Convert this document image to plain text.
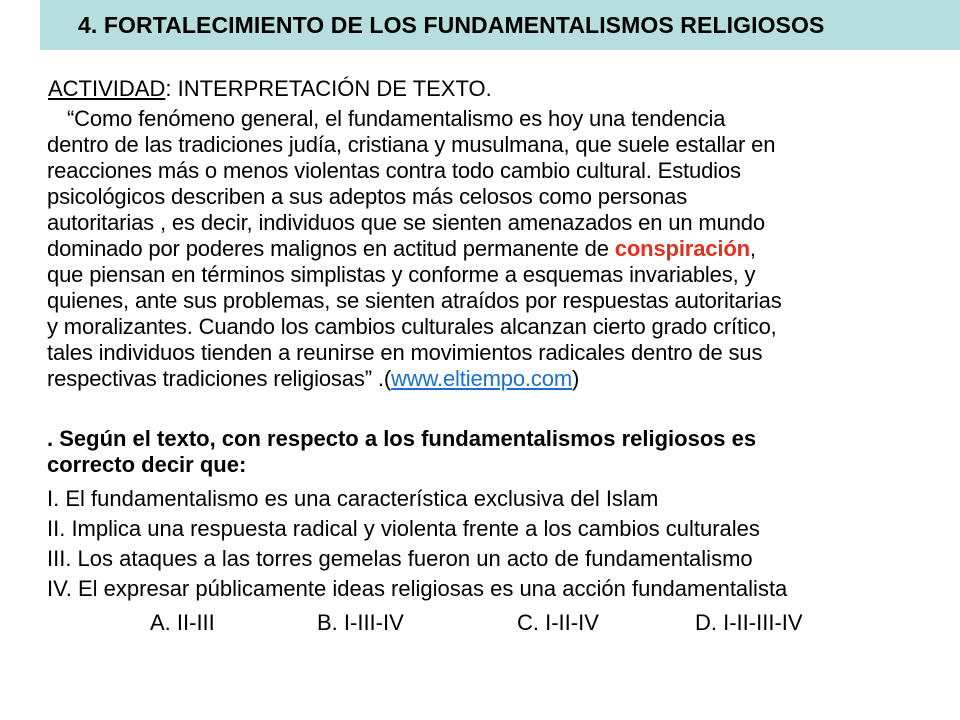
4. FORTALECIMIENTO DE LOS FUNDAMENTALISMOS RELIGIOSOS
ACTIVIDAD: INTERPRETACIÓN DE TEXTO.
“Como fenómeno general, el fundamentalismo es hoy una tendencia
dentro de las tradiciones judía, cristiana y musulmana, que suele estallar en
reacciones más o menos violentas contra todo cambio cultural. Estudios
psicológicos describen a sus adeptos más celosos como personas
autoritarias , es decir, individuos que se sienten amenazados en un mundo
dominado por poderes malignos en actitud permanente de conspiración,
que piensan en términos simplistas y conforme a esquemas invariables, y
quienes, ante sus problemas, se sienten atraídos por respuestas autoritarias
y moralizantes. Cuando los cambios culturales alcanzan cierto grado crítico,
tales individuos tienden a reunirse en movimientos radicales dentro de sus
respectivas tradiciones religiosas” .(www.eltiempo.com)
. Según el texto, con respecto a los fundamentalismos religiosos es
correcto decir que:
I. El fundamentalismo es una característica exclusiva del Islam
II. Implica una respuesta radical y violenta frente a los cambios culturales
III. Los ataques a las torres gemelas fueron un acto de fundamentalismo
IV. El expresar públicamente ideas religiosas es una acción fundamentalista
A. II-III	B. I-III-IV	C. I-II-IV	D. I-II-III-IV
